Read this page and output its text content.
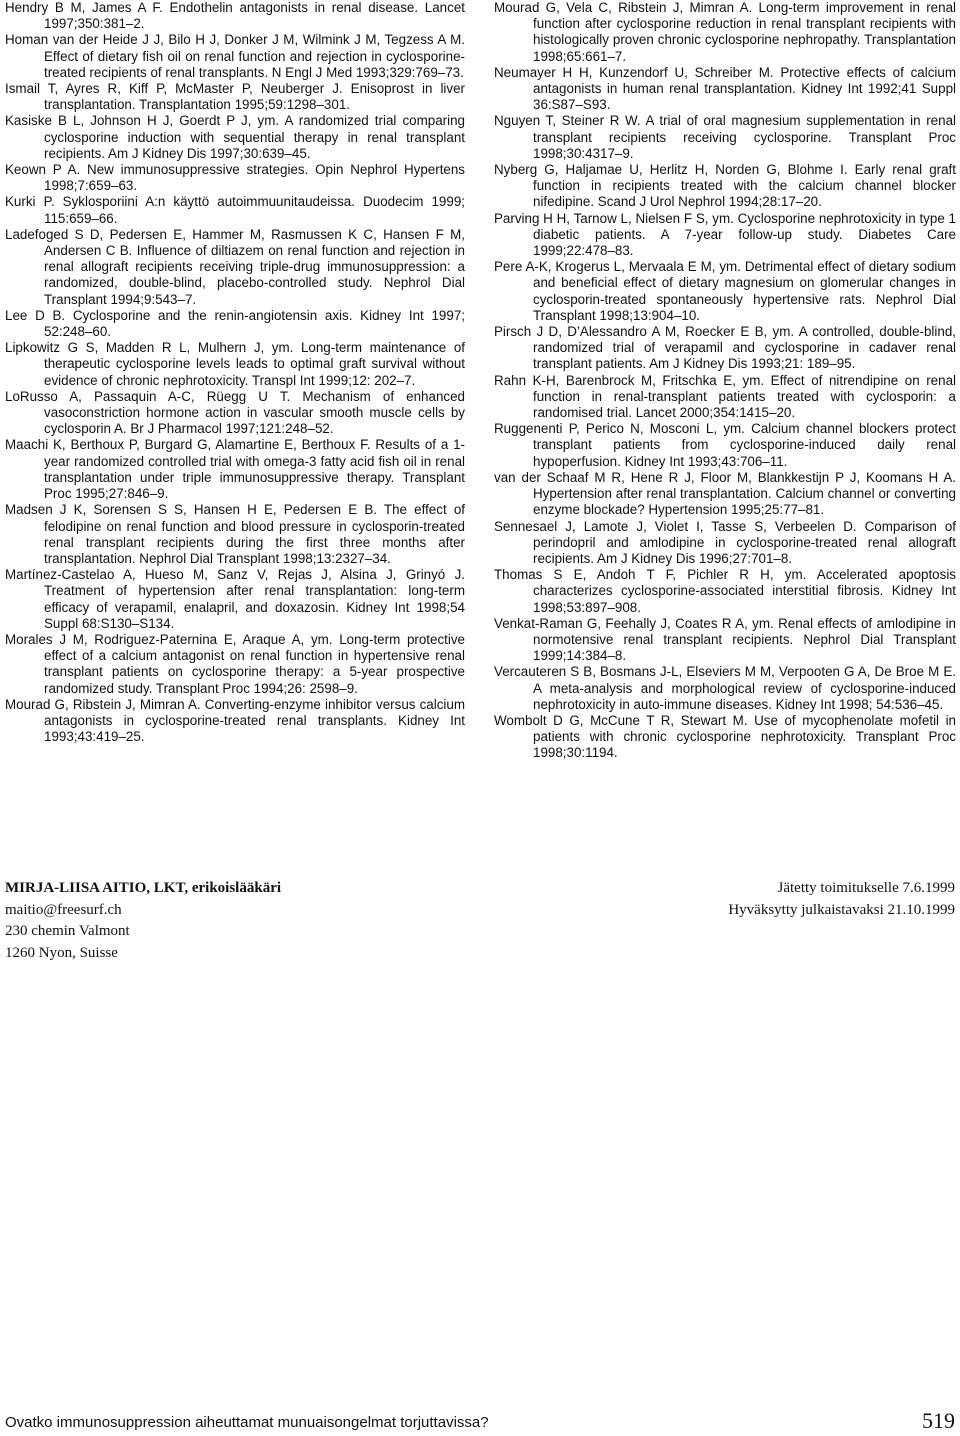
Hendry B M, James A F. Endothelin antagonists in renal disease. Lancet 1997;350:381–2.

Homan van der Heide J J, Bilo H J, Donker J M, Wilmink J M, Tegzess A M. Effect of dietary fish oil on renal function and rejection in cyclosporine-treated recipients of renal transplants. N Engl J Med 1993;329:769–73.

Ismail T, Ayres R, Kiff P, McMaster P, Neuberger J. Enisoprost in liver transplantation. Transplantation 1995;59:1298–301.

Kasiske B L, Johnson H J, Goerdt P J, ym. A randomized trial comparing cyclosporine induction with sequential therapy in renal transplant recipients. Am J Kidney Dis 1997;30:639–45.

Keown P A. New immunosuppressive strategies. Opin Nephrol Hypertens 1998;7:659–63.

Kurki P. Syklosporiini A:n käyttö autoimmuunitaudeissa. Duodecim 1999; 115:659–66.

Ladefoged S D, Pedersen E, Hammer M, Rasmussen K C, Hansen F M, Andersen C B. Influence of diltiazem on renal function and rejection in renal allograft recipients receiving triple-drug immunosuppression: a randomized, double-blind, placebo-controlled study. Nephrol Dial Transplant 1994;9:543–7.

Lee D B. Cyclosporine and the renin-angiotensin axis. Kidney Int 1997; 52:248–60.

Lipkowitz G S, Madden R L, Mulhern J, ym. Long-term maintenance of therapeutic cyclosporine levels leads to optimal graft survival without evidence of chronic nephrotoxicity. Transpl Int 1999;12: 202–7.

LoRusso A, Passaquin A-C, Rüegg U T. Mechanism of enhanced vasoconstriction hormone action in vascular smooth muscle cells by cyclosporin A. Br J Pharmacol 1997;121:248–52.

Maachi K, Berthoux P, Burgard G, Alamartine E, Berthoux F. Results of a 1-year randomized controlled trial with omega-3 fatty acid fish oil in renal transplantation under triple immunosuppressive therapy. Transplant Proc 1995;27:846–9.

Madsen J K, Sorensen S S, Hansen H E, Pedersen E B. The effect of felodipine on renal function and blood pressure in cyclosporin-treated renal transplant recipients during the first three months after transplantation. Nephrol Dial Transplant 1998;13:2327–34.

Martínez-Castelao A, Hueso M, Sanz V, Rejas J, Alsina J, Grinyó J. Treatment of hypertension after renal transplantation: long-term efficacy of verapamil, enalapril, and doxazosin. Kidney Int 1998;54 Suppl 68:S130–S134.

Morales J M, Rodriguez-Paternina E, Araque A, ym. Long-term protective effect of a calcium antagonist on renal function in hypertensive renal transplant patients on cyclosporine therapy: a 5-year prospective randomized study. Transplant Proc 1994;26: 2598–9.

Mourad G, Ribstein J, Mimran A. Converting-enzyme inhibitor versus calcium antagonists in cyclosporine-treated renal transplants. Kidney Int 1993;43:419–25.

Mourad G, Vela C, Ribstein J, Mimran A. Long-term improvement in renal function after cyclosporine reduction in renal transplant recipients with histologically proven chronic cyclosporine nephropathy. Transplantation 1998;65:661–7.

Neumayer H H, Kunzendorf U, Schreiber M. Protective effects of calcium antagonists in human renal transplantation. Kidney Int 1992;41 Suppl 36:S87–S93.

Nguyen T, Steiner R W. A trial of oral magnesium supplementation in renal transplant recipients receiving cyclosporine. Transplant Proc 1998;30:4317–9.

Nyberg G, Haljamae U, Herlitz H, Norden G, Blohme I. Early renal graft function in recipients treated with the calcium channel blocker nifedipine. Scand J Urol Nephrol 1994;28:17–20.

Parving H H, Tarnow L, Nielsen F S, ym. Cyclosporine nephrotoxicity in type 1 diabetic patients. A 7-year follow-up study. Diabetes Care 1999;22:478–83.

Pere A-K, Krogerus L, Mervaala E M, ym. Detrimental effect of dietary sodium and beneficial effect of dietary magnesium on glomerular changes in cyclosporin-treated spontaneously hypertensive rats. Nephrol Dial Transplant 1998;13:904–10.

Pirsch J D, D’Alessandro A M, Roecker E B, ym. A controlled, double-blind, randomized trial of verapamil and cyclosporine in cadaver renal transplant patients. Am J Kidney Dis 1993;21: 189–95.

Rahn K-H, Barenbrock M, Fritschka E, ym. Effect of nitrendipine on renal function in renal-transplant patients treated with cyclosporin: a randomised trial. Lancet 2000;354:1415–20.

Ruggenenti P, Perico N, Mosconi L, ym. Calcium channel blockers protect transplant patients from cyclosporine-induced daily renal hypoperfusion. Kidney Int 1993;43:706–11.

van der Schaaf M R, Hene R J, Floor M, Blankkestijn P J, Koomans H A. Hypertension after renal transplantation. Calcium channel or converting enzyme blockade? Hypertension 1995;25:77–81.

Sennesael J, Lamote J, Violet I, Tasse S, Verbeelen D. Comparison of perindopril and amlodipine in cyclosporine-treated renal allograft recipients. Am J Kidney Dis 1996;27:701–8.

Thomas S E, Andoh T F, Pichler R H, ym. Accelerated apoptosis characterizes cyclosporine-associated interstitial fibrosis. Kidney Int 1998;53:897–908.

Venkat-Raman G, Feehally J, Coates R A, ym. Renal effects of amlodipine in normotensive renal transplant recipients. Nephrol Dial Transplant 1999;14:384–8.

Vercauteren S B, Bosmans J-L, Elseviers M M, Verpooten G A, De Broe M E. A meta-analysis and morphological review of cyclosporine-induced nephrotoxicity in auto-immune diseases. Kidney Int 1998; 54:536–45.

Wombolt D G, McCune T R, Stewart M. Use of mycophenolate mofetil in patients with chronic cyclosporine nephrotoxicity. Transplant Proc 1998;30:1194.

MIRJA-LIISA AITIO, LKT, erikoislääkäri
maitio@freesurf.ch
230 chemin Valmont
1260 Nyon, Suisse
Jätetty toimitukselle 7.6.1999
Hyväksytty julkaistavaksi 21.10.1999
Ovatko immunosuppression aiheuttamat munuaisongelmat torjuttavissa?	519
